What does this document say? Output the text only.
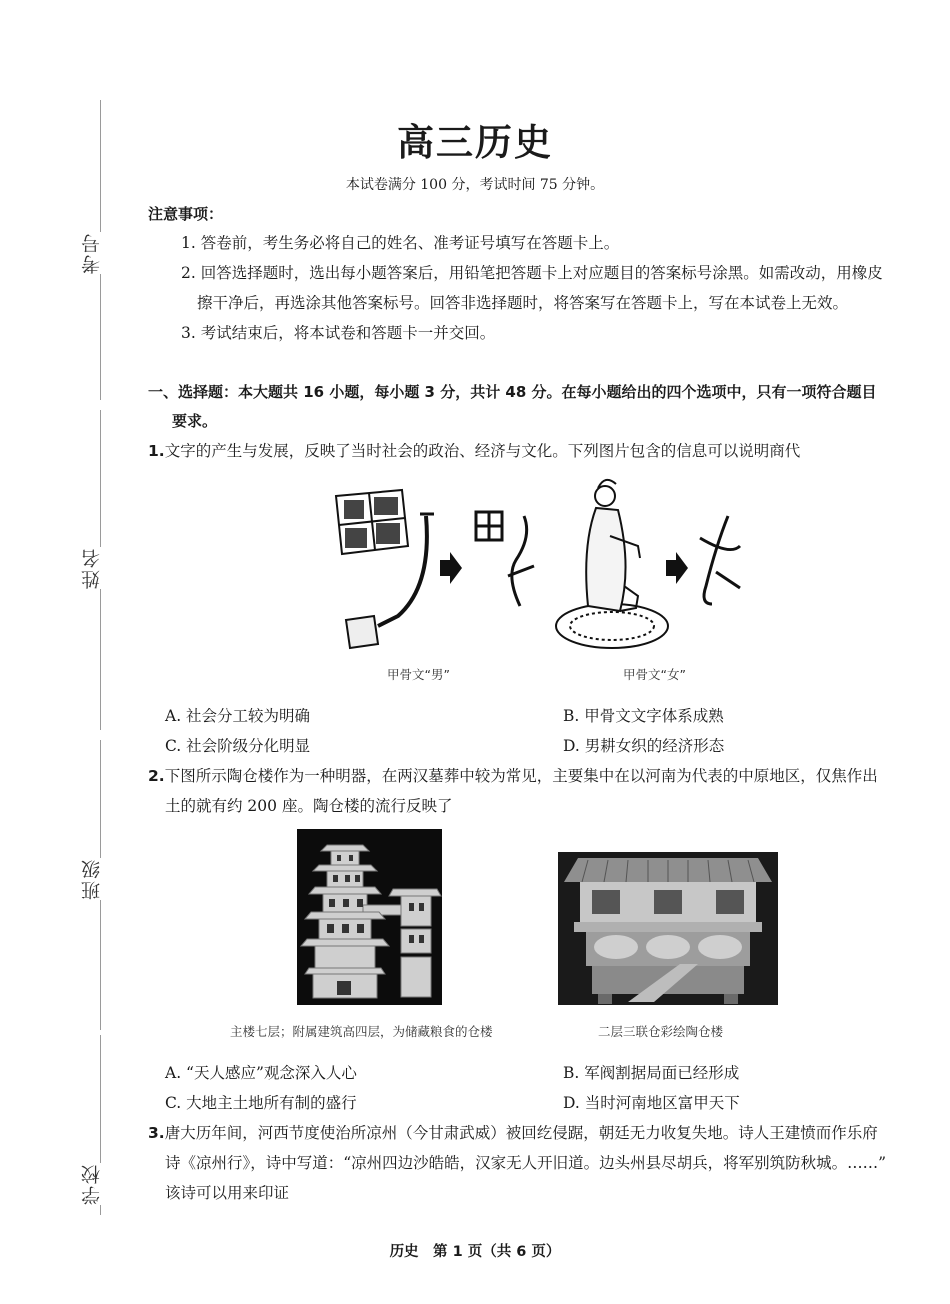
考号
姓名
班级
学校
高三历史
本试卷满分 100 分，考试时间 75 分钟。
注意事项：
1. 答卷前，考生务必将自己的姓名、准考证号填写在答题卡上。
2. 回答选择题时，选出每小题答案后，用铅笔把答题卡上对应题目的答案标号涂黑。如需改动，用橡皮
擦干净后，再选涂其他答案标号。回答非选择题时，将答案写在答题卡上，写在本试卷上无效。
3. 考试结束后，将本试卷和答题卡一并交回。
一、选择题：本大题共 16 小题，每小题 3 分，共计 48 分。在每小题给出的四个选项中，只有一项符合题目
要求。
1.文字的产生与发展，反映了当时社会的政治、经济与文化。下列图片包含的信息可以说明商代
甲骨文“男”	甲骨文“女”
A. 社会分工较为明确	B. 甲骨文文字体系成熟
C. 社会阶级分化明显	D. 男耕女织的经济形态
2.下图所示陶仓楼作为一种明器，在两汉墓葬中较为常见，主要集中在以河南为代表的中原地区，仅焦作出
土的就有约 200 座。陶仓楼的流行反映了
主楼七层；附属建筑高四层，为储藏粮食的仓楼	二层三联仓彩绘陶仓楼
A. “天人感应”观念深入人心	B. 军阀割据局面已经形成
C. 大地主土地所有制的盛行	D. 当时河南地区富甲天下
3.唐大历年间，河西节度使治所凉州（今甘肃武威）被回纥侵踞，朝廷无力收复失地。诗人王建愤而作乐府
诗《凉州行》，诗中写道：“凉州四边沙皓皓，汉家无人开旧道。边头州县尽胡兵，将军别筑防秋城。……”
该诗可以用来印证
历史　第 1 页（共 6 页）
